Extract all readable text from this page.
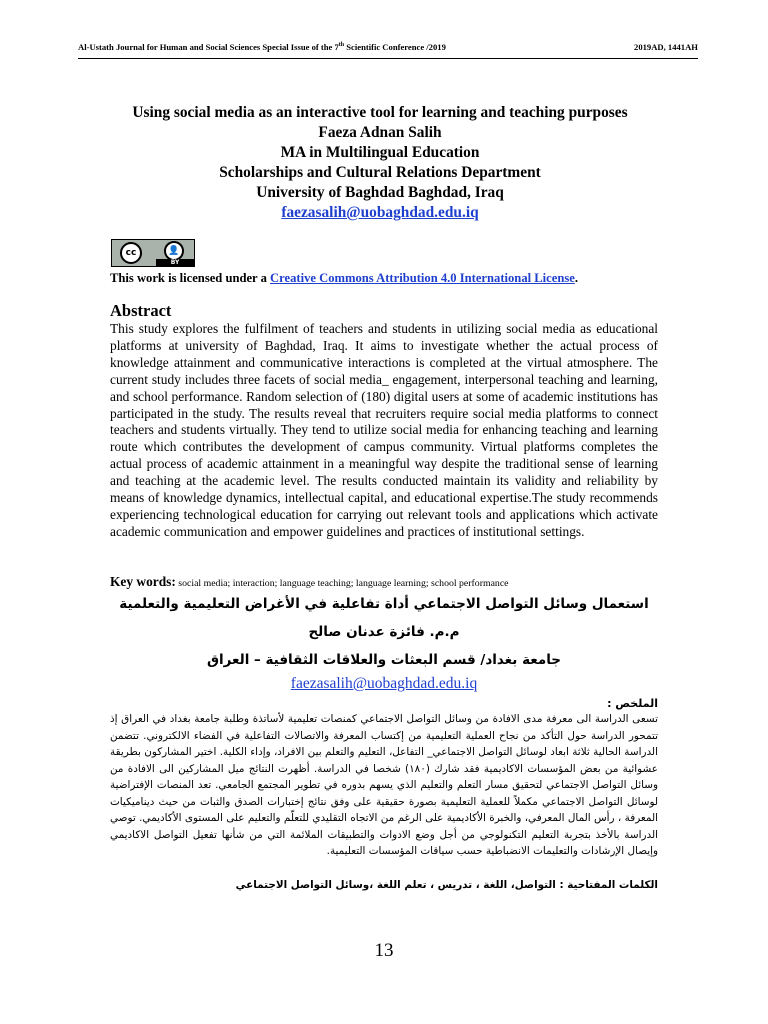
Al-Ustath Journal for Human and Social Sciences Special Issue of the 7th Scientific Conference /2019	2019AD, 1441AH
Using social media as an interactive tool for learning and teaching purposes
Faeza Adnan Salih
MA in Multilingual Education
Scholarships and Cultural Relations Department
University of Baghdad Baghdad, Iraq
faezasalih@uobaghdad.edu.iq
cc	👤
BY
This work is licensed under a Creative Commons Attribution 4.0 International License.
Abstract
This study explores the fulfilment of teachers and students in utilizing social media as educational platforms at university of Baghdad, Iraq. It aims to investigate whether the actual process of knowledge attainment and communicative interactions is completed at the virtual atmosphere. The current study includes three facets of social media_ engagement, interpersonal teaching and learning, and school performance. Random selection of (180) digital users at some of academic institutions has participated in the study. The results reveal that recruiters require social media platforms to connect teachers and students virtually. They tend to utilize social media for enhancing teaching and learning route which contributes the development of campus community. Virtual platforms completes the actual process of academic attainment in a meaningful way despite the traditional sense of learning and teaching at the academic level. The results conducted maintain its validity and reliability by means of knowledge dynamics, intellectual capital, and educational expertise.The study recommends experiencing technological education for carrying out relevant tools and applications which activate academic communication and empower guidelines and practices of institutional settings.
Key words: social media; interaction; language teaching; language learning; school performance
استعمال وسائل التواصل الاجتماعي أداة تفاعلية في الأغراض التعليمية والتعلمية
م.م. فائزة عدنان صالح
جامعة بغداد/ قسم البعثات والعلاقات الثقافية – العراق
faezasalih@uobaghdad.edu.iq
الملخص :
تسعى الدراسة الى معرفة مدى الافادة من وسائل التواصل الاجتماعي كمنصات تعليمية لأساتذة وطلبة جامعة بغداد في العراق إذ تتمحور الدراسة حول التأكد من نجاح العملية التعليمية من إكتساب المعرفة والاتصالات التفاعلية في الفضاء الالكتروني. تتضمن الدراسة الحالية ثلاثة ابعاد لوسائل التواصل الاجتماعي_ التفاعل، التعليم والتعلم بين الافراد، وإداء الكلية. اختير المشاركون بطريقة عشوائية من بعض المؤسسات الاكاديمية فقد شارك (١٨٠) شخصا في الدراسة. أظهرت النتائج ميل المشاركين الى الافادة من وسائل التواصل الاجتماعي لتحقيق مسار التعلم والتعليم الذي يسهم بدوره في تطوير المجتمع الجامعي. تعد المنصات الإفتراضية لوسائل التواصل الاجتماعي مكملاً للعملية التعليمية بصورة حقيقية على وفق نتائج إختبارات الصدق والثبات من حيث ديناميكيات المعرفة ، رأس المال المعرفي، والخبرة الأكاديمية على الرغم من الاتجاه التقليدي للتعلّم والتعليم على المستوى الأكاديمي. توصي الدراسة بالأخذ بتجربة التعليم التكنولوجي من أجل وضع الادوات والتطبيقات الملائمة التي من شأنها تفعيل التواصل الاكاديمي وإيصال الإرشادات والتعليمات الانضباطية حسب سياقات المؤسسات التعليمية.
الكلمات المفتاحية : التواصل، اللغة ، تدريس ، تعلم اللغة ،وسائل التواصل الاجتماعي
13
